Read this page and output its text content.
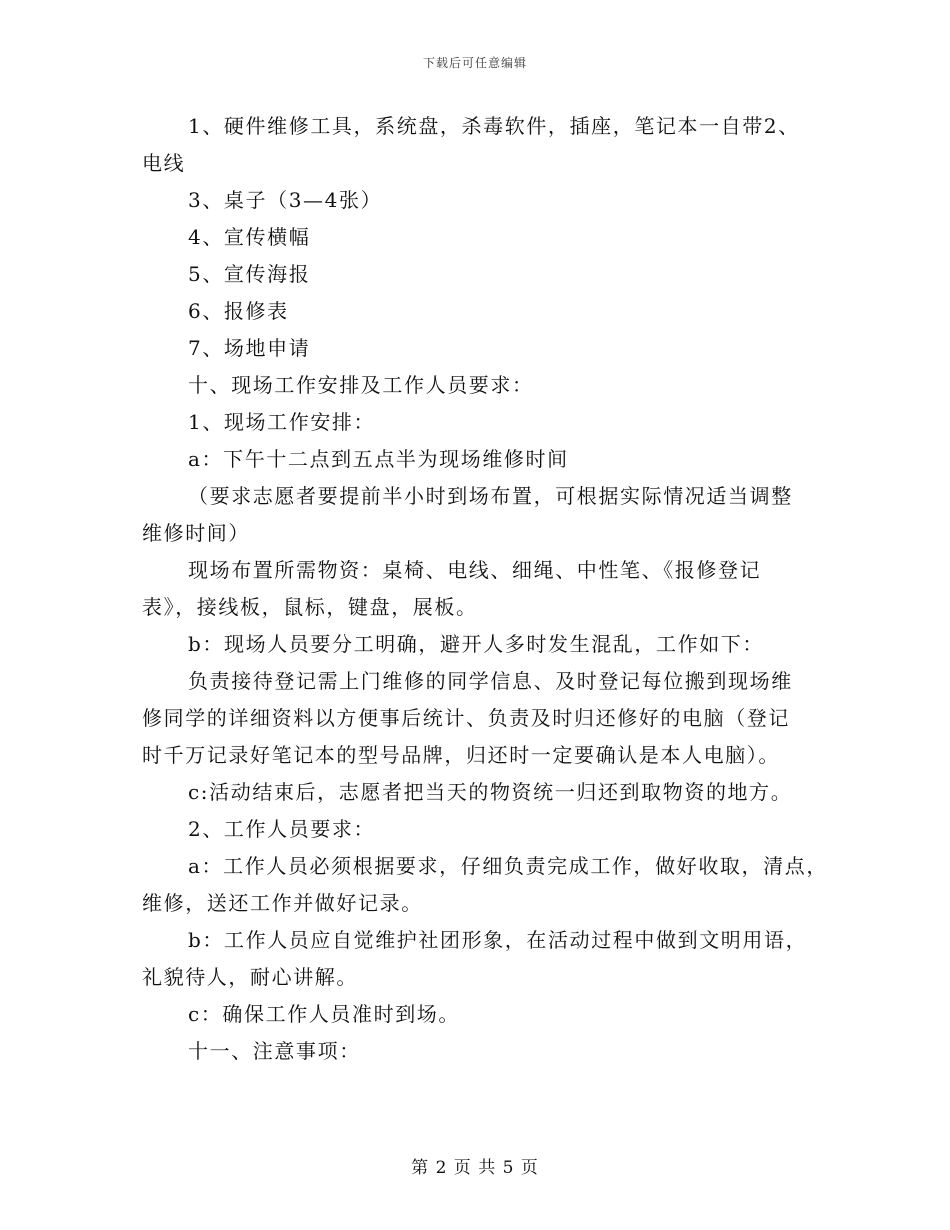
下载后可任意编辑
1、硬件维修工具，系统盘，杀毒软件，插座，笔记本一自带2、
电线
3、桌子（3—4张）
4、宣传横幅
5、宣传海报
6、报修表
7、场地申请
十、现场工作安排及工作人员要求：
1、现场工作安排：
a：下午十二点到五点半为现场维修时间
（要求志愿者要提前半小时到场布置，可根据实际情况适当调整
维修时间）
现场布置所需物资：桌椅、电线、细绳、中性笔、《报修登记
表》，接线板，鼠标，键盘，展板。
b：现场人员要分工明确，避开人多时发生混乱，工作如下：
负责接待登记需上门维修的同学信息、及时登记每位搬到现场维
修同学的详细资料以方便事后统计、负责及时归还修好的电脑（登记
时千万记录好笔记本的型号品牌，归还时一定要确认是本人电脑）。
c:活动结束后，志愿者把当天的物资统一归还到取物资的地方。
2、工作人员要求：
a：工作人员必须根据要求，仔细负责完成工作，做好收取，清点，
维修，送还工作并做好记录。
b：工作人员应自觉维护社团形象，在活动过程中做到文明用语，
礼貌待人，耐心讲解。
c：确保工作人员准时到场。
十一、注意事项：
第 2 页 共 5 页
